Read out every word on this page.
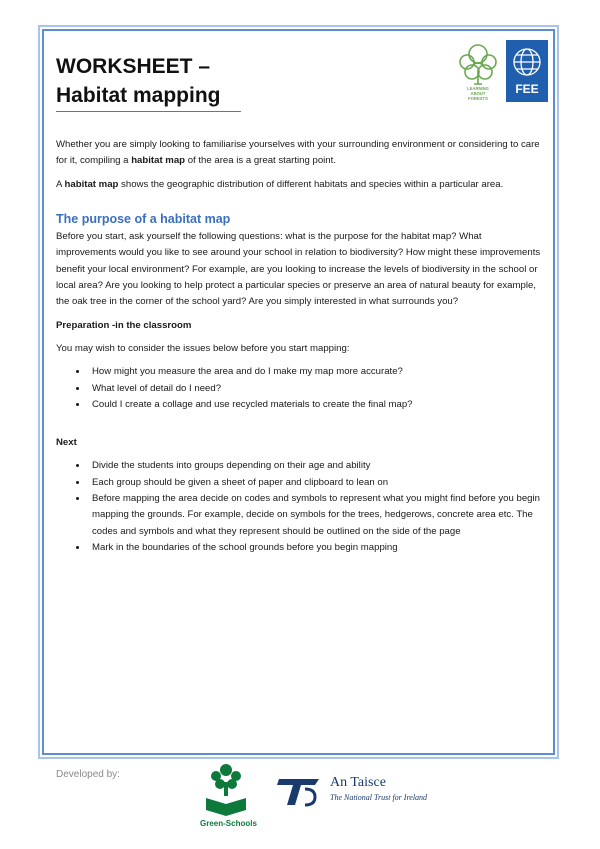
WORKSHEET –
Habitat mapping	LEARNING
ABOUT
FORESTS
FEE

Whether you are simply looking to familiarise yourselves with your surrounding environment or considering to care for it, compiling a habitat map of the area is a great starting point.

A habitat map shows the geographic distribution of different habitats and species within a particular area.

The purpose of a habitat map

Before you start, ask yourself the following questions: what is the purpose for the habitat map? What improvements would you like to see around your school in relation to biodiversity? How might these improvements benefit your local environment? For example, are you looking to increase the levels of biodiversity in the school or local area? Are you looking to help protect a particular species or preserve an area of natural beauty for example, the oak tree in the corner of the school yard? Are you simply interested in what surrounds you?

Preparation -in the classroom

You may wish to consider the issues below before you start mapping:

• How might you measure the area and do I make my map more accurate?
• What level of detail do I need?
• Could I create a collage and use recycled materials to create the final map?
Next
• Divide the students into groups depending on their age and ability
• Each group should be given a sheet of paper and clipboard to lean on
• Before mapping the area decide on codes and symbols to represent what you might find before you begin mapping the grounds. For example, decide on symbols for the trees, hedgerows, concrete area etc. The codes and symbols and what they represent should be outlined on the side of the page
• Mark in the boundaries of the school grounds before you begin mapping
Developed by:
Green-Schools
An Taisce
The National Trust for Ireland
